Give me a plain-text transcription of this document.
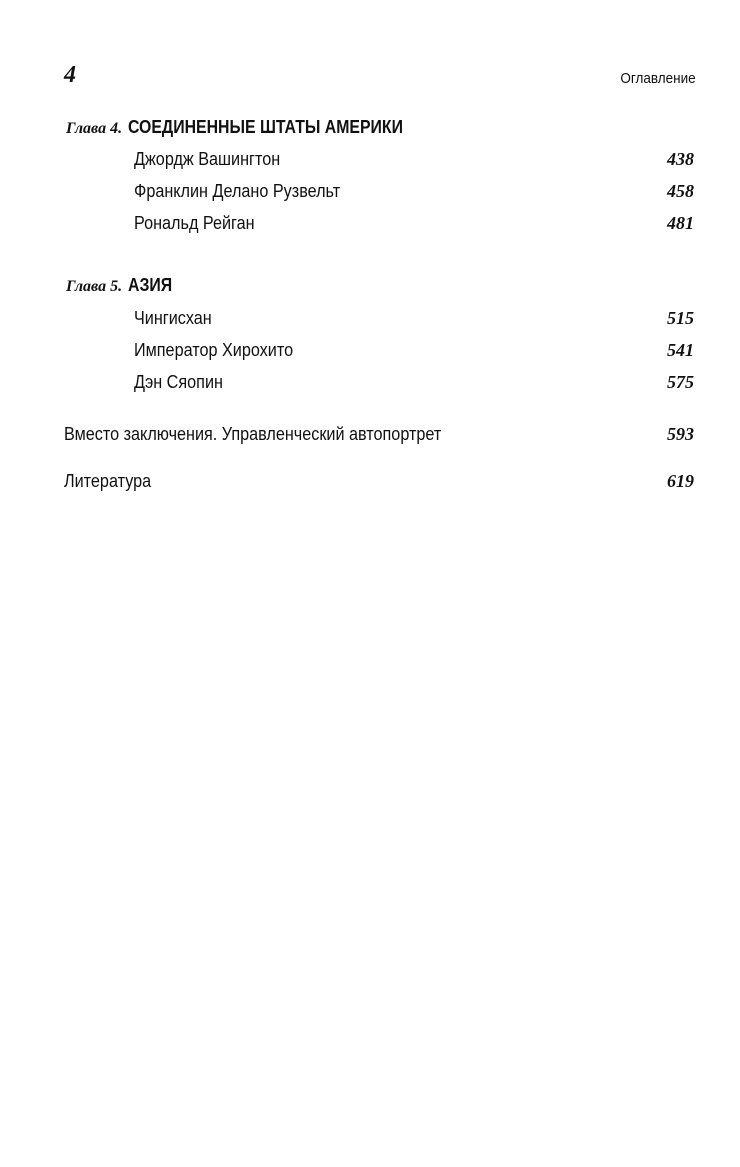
4	Оглавление
Глава 4. СОЕДИНЕННЫЕ ШТАТЫ АМЕРИКИ
Джордж Вашингтон	438
Франклин Делано Рузвельт	458
Рональд Рейган	481
Глава 5. АЗИЯ
Чингисхан	515
Император Хирохито	541
Дэн Сяопин	575
Вместо заключения. Управленческий автопортрет	593
Литература	619
